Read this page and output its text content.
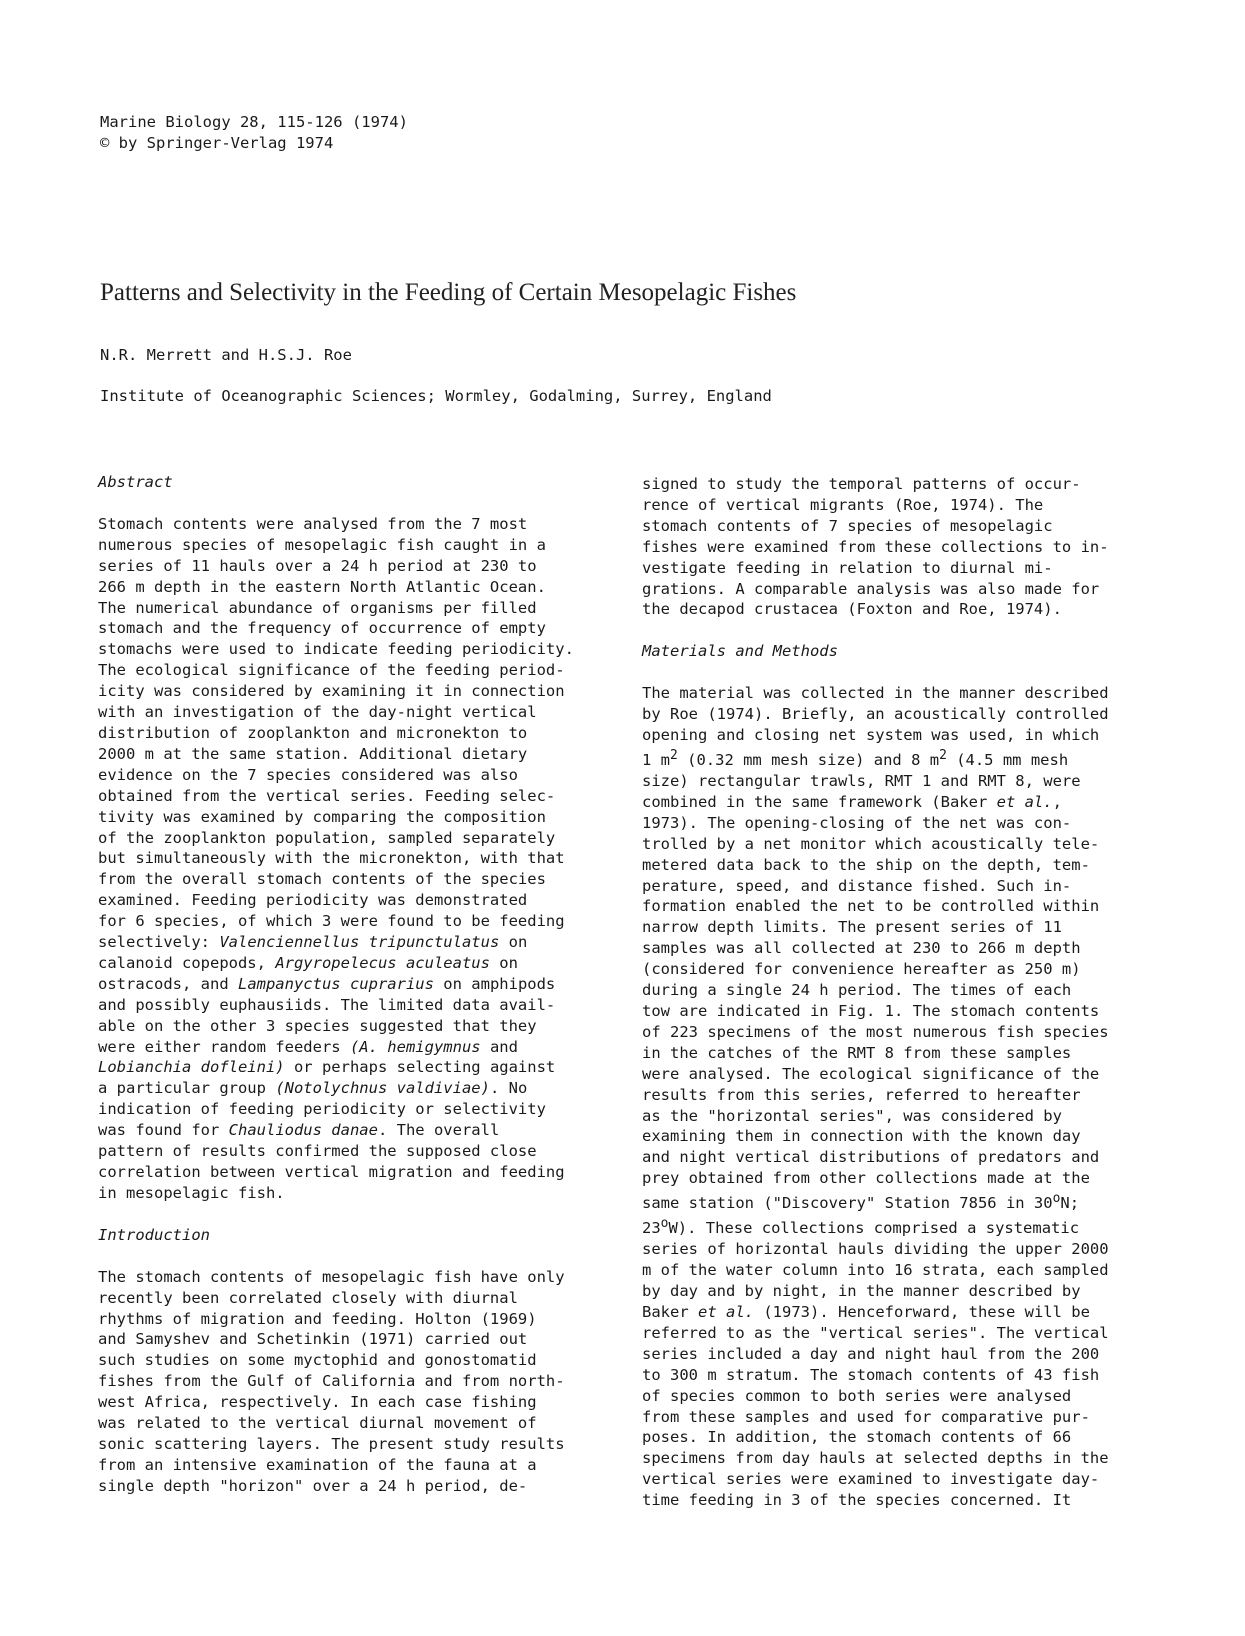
Marine Biology 28, 115-126 (1974)
© by Springer-Verlag 1974
Patterns and Selectivity in the Feeding of Certain Mesopelagic Fishes
N.R. Merrett and H.S.J. Roe
Institute of Oceanographic Sciences; Wormley, Godalming, Surrey, England
Abstract
Stomach contents were analysed from the 7 most
numerous species of mesopelagic fish caught in a
series of 11 hauls over a 24 h period at 230 to
266 m depth in the eastern North Atlantic Ocean.
The numerical abundance of organisms per filled
stomach and the frequency of occurrence of empty
stomachs were used to indicate feeding periodicity.
The ecological significance of the feeding period-
icity was considered by examining it in connection
with an investigation of the day-night vertical
distribution of zooplankton and micronekton to
2000 m at the same station. Additional dietary
evidence on the 7 species considered was also
obtained from the vertical series. Feeding selec-
tivity was examined by comparing the composition
of the zooplankton population, sampled separately
but simultaneously with the micronekton, with that
from the overall stomach contents of the species
examined. Feeding periodicity was demonstrated
for 6 species, of which 3 were found to be feeding
selectively: Valenciennellus tripunctulatus on
calanoid copepods, Argyropelecus aculeatus on
ostracods, and Lampanyctus cuprarius on amphipods
and possibly euphausiids. The limited data avail-
able on the other 3 species suggested that they
were either random feeders (A. hemigymnus and
Lobianchia dofleini) or perhaps selecting against
a particular group (Notolychnus valdiviae). No
indication of feeding periodicity or selectivity
was found for Chauliodus danae. The overall
pattern of results confirmed the supposed close
correlation between vertical migration and feeding
in mesopelagic fish.
Introduction
The stomach contents of mesopelagic fish have only
recently been correlated closely with diurnal
rhythms of migration and feeding. Holton (1969)
and Samyshev and Schetinkin (1971) carried out
such studies on some myctophid and gonostomatid
fishes from the Gulf of California and from north-
west Africa, respectively. In each case fishing
was related to the vertical diurnal movement of
sonic scattering layers. The present study results
from an intensive examination of the fauna at a
single depth "horizon" over a 24 h period, de-
signed to study the temporal patterns of occur-
rence of vertical migrants (Roe, 1974). The
stomach contents of 7 species of mesopelagic
fishes were examined from these collections to in-
vestigate feeding in relation to diurnal mi-
grations. A comparable analysis was also made for
the decapod crustacea (Foxton and Roe, 1974).
Materials and Methods
The material was collected in the manner described
by Roe (1974). Briefly, an acoustically controlled
opening and closing net system was used, in which
1 $m^2$ (0.32 mm mesh size) and 8 $m^2$ (4.5 mm mesh
size) rectangular trawls, RMT 1 and RMT 8, were
combined in the same framework (Baker et al.,
1973). The opening-closing of the net was con-
trolled by a net monitor which acoustically tele-
metered data back to the ship on the depth, tem-
perature, speed, and distance fished. Such in-
formation enabled the net to be controlled within
narrow depth limits. The present series of 11
samples was all collected at 230 to 266 m depth
(considered for convenience hereafter as 250 m)
during a single 24 h period. The times of each
tow are indicated in Fig. 1. The stomach contents
of 223 specimens of the most numerous fish species
in the catches of the RMT 8 from these samples
were analysed. The ecological significance of the
results from this series, referred to hereafter
as the "horizontal series", was considered by
examining them in connection with the known day
and night vertical distributions of predators and
prey obtained from other collections made at the
same station ("Discovery" Station 7856 in 30$^o$N;
23$^o$W). These collections comprised a systematic
series of horizontal hauls dividing the upper 2000
m of the water column into 16 strata, each sampled
by day and by night, in the manner described by
Baker et al. (1973). Henceforward, these will be
referred to as the "vertical series". The vertical
series included a day and night haul from the 200
to 300 m stratum. The stomach contents of 43 fish
of species common to both series were analysed
from these samples and used for comparative pur-
poses. In addition, the stomach contents of 66
specimens from day hauls at selected depths in the
vertical series were examined to investigate day-
time feeding in 3 of the species concerned. It
